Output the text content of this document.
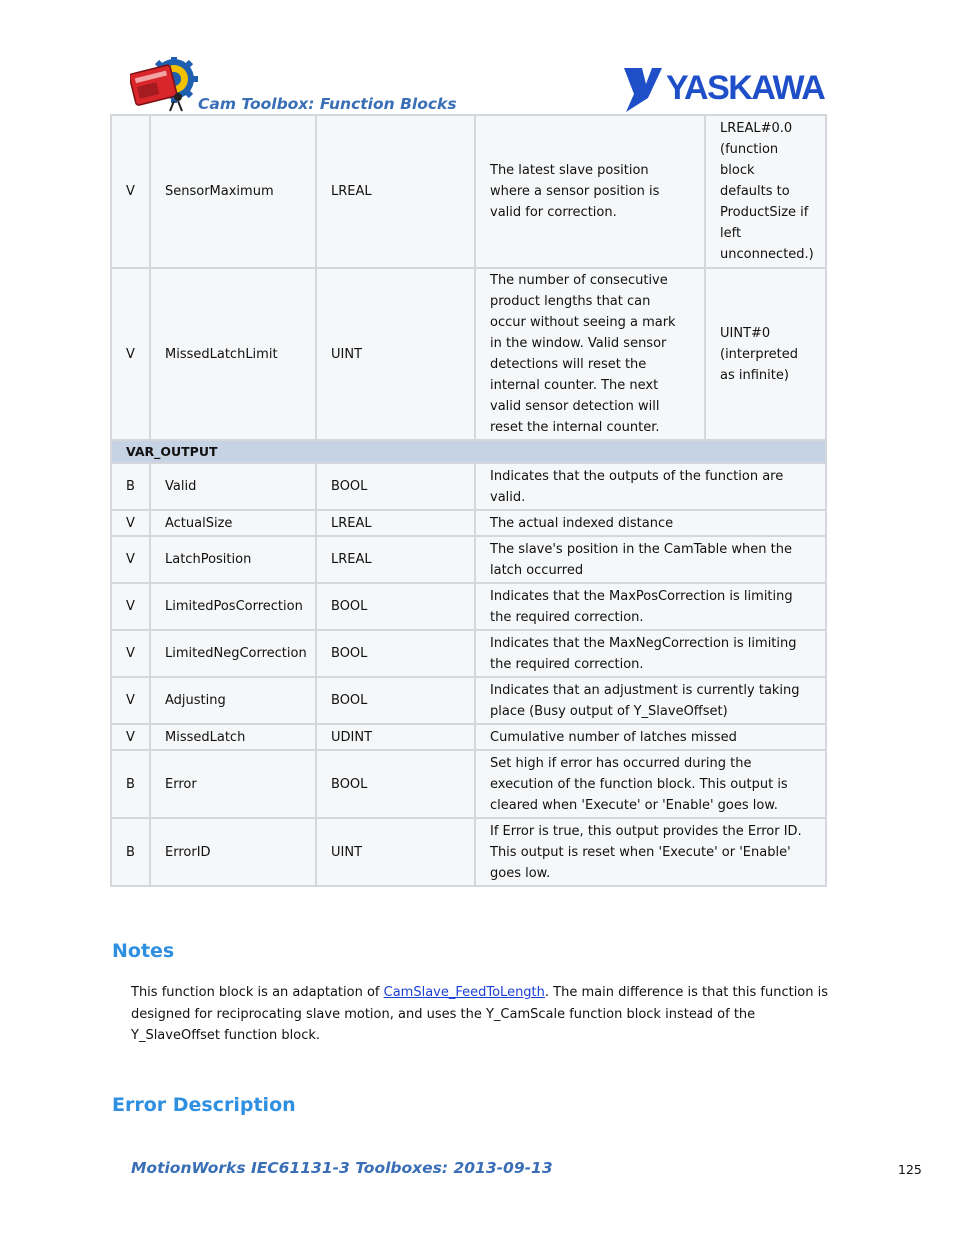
Cam Toolbox: Function Blocks	YASKAWA
V	SensorMaximum	LREAL	The latest slave position where a sensor position is valid for correction.	LREAL#0.0 (function block defaults to ProductSize if left unconnected.)
V	MissedLatchLimit	UINT	The number of consecutive product lengths that can occur without seeing a mark in the window. Valid sensor detections will reset the internal counter. The next valid sensor detection will reset the internal counter.	UINT#0 (interpreted as infinite)
VAR_OUTPUT				
B	Valid	BOOL	Indicates that the outputs of the function are valid.	
V	ActualSize	LREAL	The actual indexed distance	
V	LatchPosition	LREAL	The slave's position in the CamTable when the latch occurred	
V	LimitedPosCorrection	BOOL	Indicates that the MaxPosCorrection is limiting the required correction.	
V	LimitedNegCorrection	BOOL	Indicates that the MaxNegCorrection is limiting the required correction.	
V	Adjusting	BOOL	Indicates that an adjustment is currently taking place (Busy output of Y_SlaveOffset)	
V	MissedLatch	UDINT	Cumulative number of latches missed	
B	Error	BOOL	Set high if error has occurred during the execution of the function block. This output is cleared when 'Execute' or 'Enable' goes low.	
B	ErrorID	UINT	If Error is true, this output provides the Error ID. This output is reset when 'Execute' or 'Enable' goes low.	
Notes
This function block is an adaptation of CamSlave_FeedToLength. The main difference is that this function is designed for reciprocating slave motion, and uses the Y_CamScale function block instead of the Y_SlaveOffset function block.
Error Description
MotionWorks IEC61131-3 Toolboxes: 2013-09-13	125
